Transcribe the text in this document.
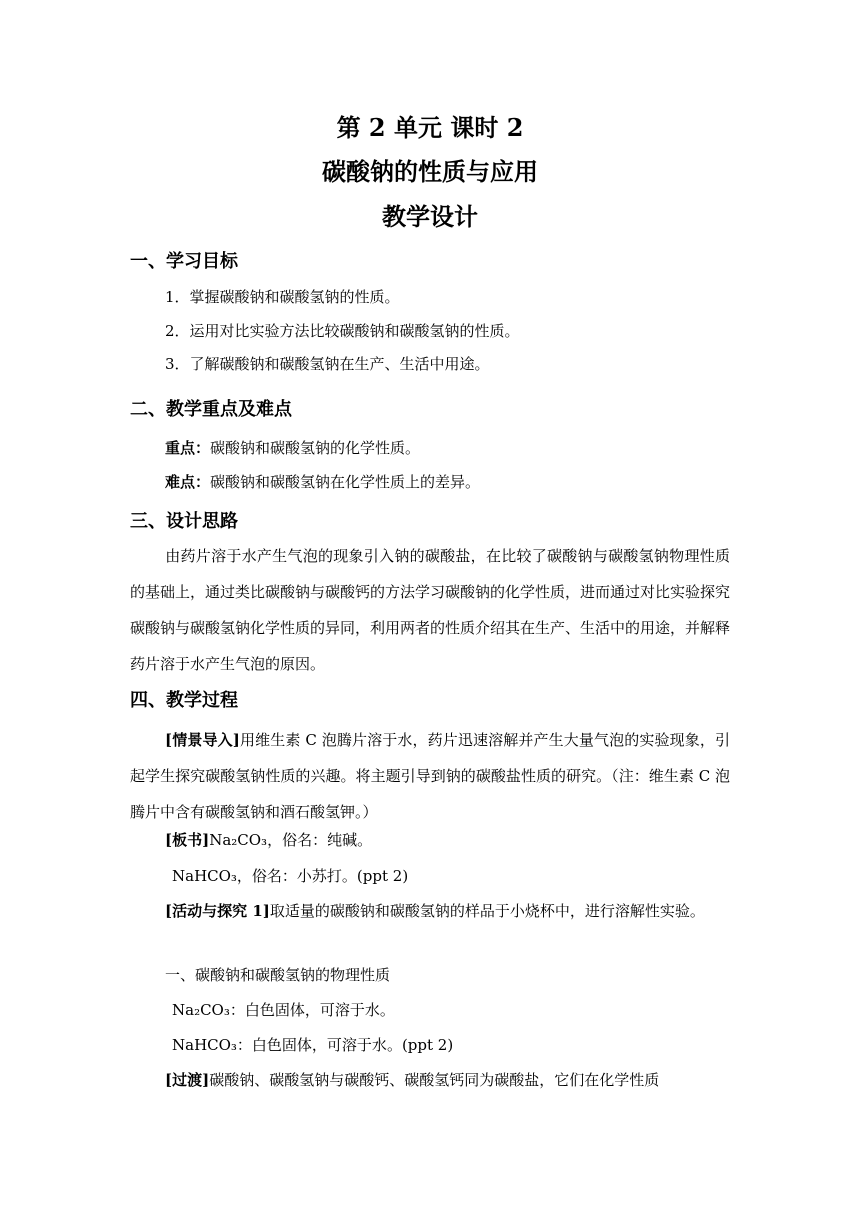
第 2 单元 课时 2
碳酸钠的性质与应用
教学设计
一、学习目标
1．掌握碳酸钠和碳酸氢钠的性质。
2．运用对比实验方法比较碳酸钠和碳酸氢钠的性质。
3．了解碳酸钠和碳酸氢钠在生产、生活中用途。
二、教学重点及难点
重点：碳酸钠和碳酸氢钠的化学性质。
难点：碳酸钠和碳酸氢钠在化学性质上的差异。
三、设计思路
由药片溶于水产生气泡的现象引入钠的碳酸盐，在比较了碳酸钠与碳酸氢钠物理性质的基础上，通过类比碳酸钠与碳酸钙的方法学习碳酸钠的化学性质，进而通过对比实验探究碳酸钠与碳酸氢钠化学性质的异同，利用两者的性质介绍其在生产、生活中的用途，并解释药片溶于水产生气泡的原因。
四、教学过程
[情景导入]用维生素 C 泡腾片溶于水，药片迅速溶解并产生大量气泡的实验现象，引起学生探究碳酸氢钠性质的兴趣。将主题引导到钠的碳酸盐性质的研究。（注：维生素 C 泡腾片中含有碳酸氢钠和酒石酸氢钾。）
[板书]Na₂CO₃，俗名：纯碱。
NaHCO₃，俗名：小苏打。(ppt 2)
[活动与探究 1]取适量的碳酸钠和碳酸氢钠的样品于小烧杯中，进行溶解性实验。
一、碳酸钠和碳酸氢钠的物理性质
Na₂CO₃：白色固体，可溶于水。
NaHCO₃：白色固体，可溶于水。(ppt 2)
[过渡]碳酸钠、碳酸氢钠与碳酸钙、碳酸氢钙同为碳酸盐，它们在化学性质
